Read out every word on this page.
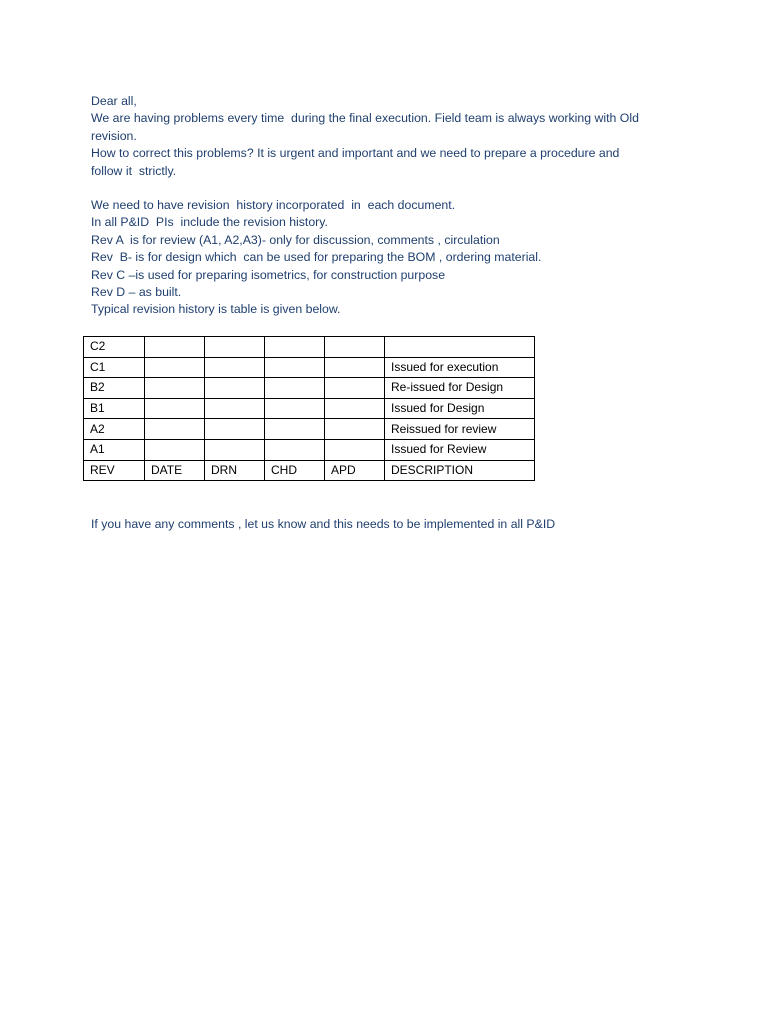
Dear all,

We are having problems every time  during the final execution. Field team is always working with Old

revision.

How to correct this problems? It is urgent and important and we need to prepare a procedure and

follow it  strictly.

We need to have revision  history incorporated  in  each document.

In all P&ID  PIs  include the revision history.

Rev A  is for review (A1, A2,A3)- only for discussion, comments , circulation

Rev  B- is for design which  can be used for preparing the BOM , ordering material.

Rev C –is used for preparing isometrics, for construction purpose

Rev D – as built.

Typical revision history is table is given below.

C2					
C1					Issued for execution
B2					Re-issued for Design
B1					Issued for Design
A2					Reissued for review
A1					Issued for Review
REV	DATE	DRN	CHD	APD	DESCRIPTION

If you have any comments , let us know and this needs to be implemented in all P&ID
